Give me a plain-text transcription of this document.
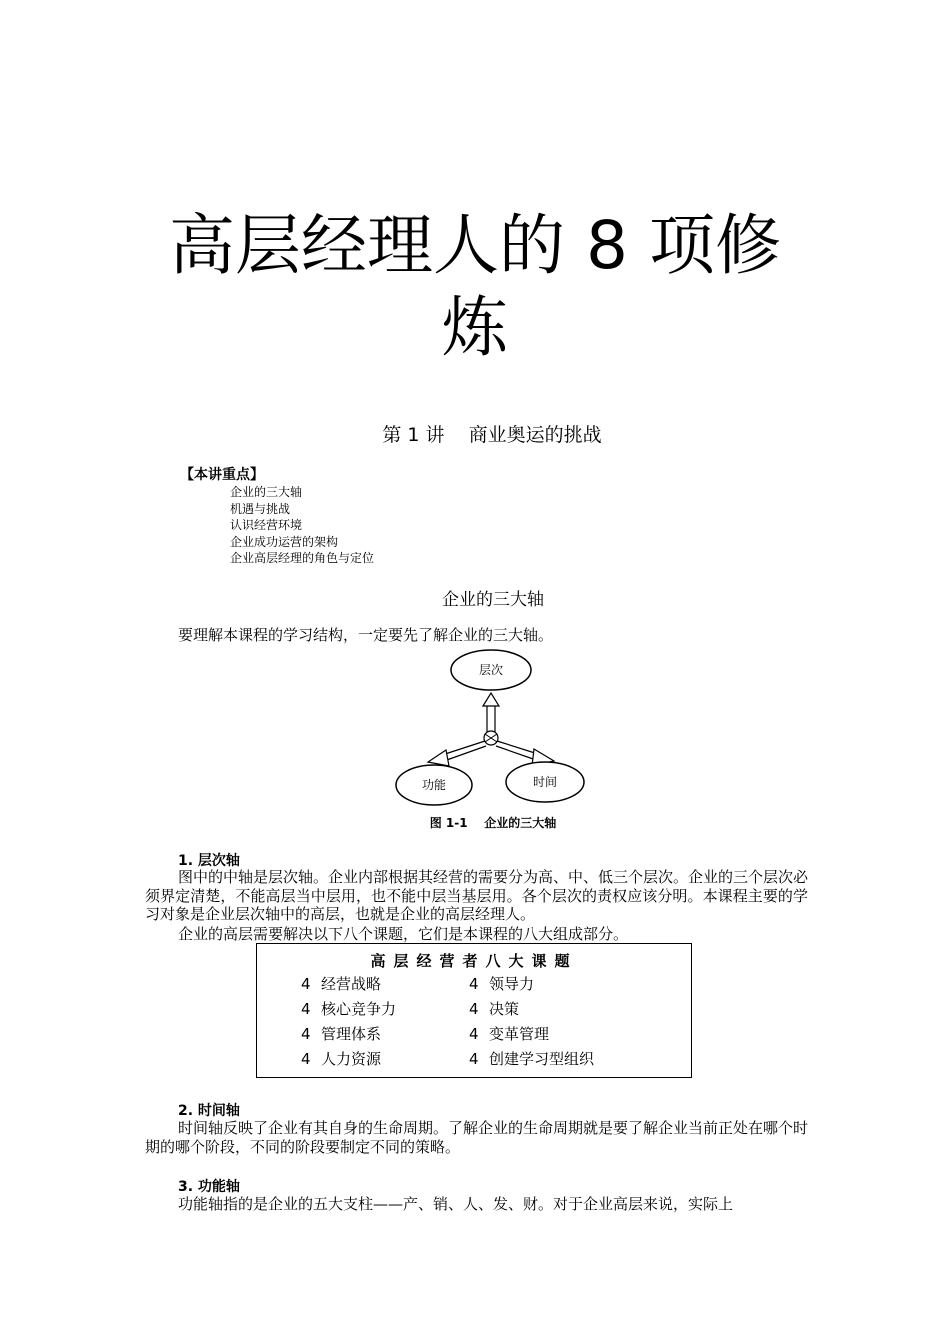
高层经理人的 8 项修
炼
第 1 讲    商业奥运的挑战
【本讲重点】
企业的三大轴
机遇与挑战
认识经营环境
企业成功运营的架构
企业高层经理的角色与定位
企业的三大轴
要理解本课程的学习结构，一定要先了解企业的三大轴。
层次
功能	时间
图 1-1    企业的三大轴
1. 层次轴

图中的中轴是层次轴。企业内部根据其经营的需要分为高、中、低三个层次。企业的三个层次必须界定清楚，不能高层当中层用，也不能中层当基层用。各个层次的责权应该分明。本课程主要的学习对象是企业层次轴中的高层，也就是企业的高层经理人。

企业的高层需要解决以下八个课题，它们是本课程的八大组成部分。

高层经营者八大课题
4 经营战略
4 核心竞争力
4 管理体系
4 人力资源
4 领导力
4 决策
4 变革管理
4 创建学习型组织
2. 时间轴

时间轴反映了企业有其自身的生命周期。了解企业的生命周期就是要了解企业当前正处在哪个时期的哪个阶段，不同的阶段要制定不同的策略。

3. 功能轴

功能轴指的是企业的五大支柱——产、销、人、发、财。对于企业高层来说，实际上
